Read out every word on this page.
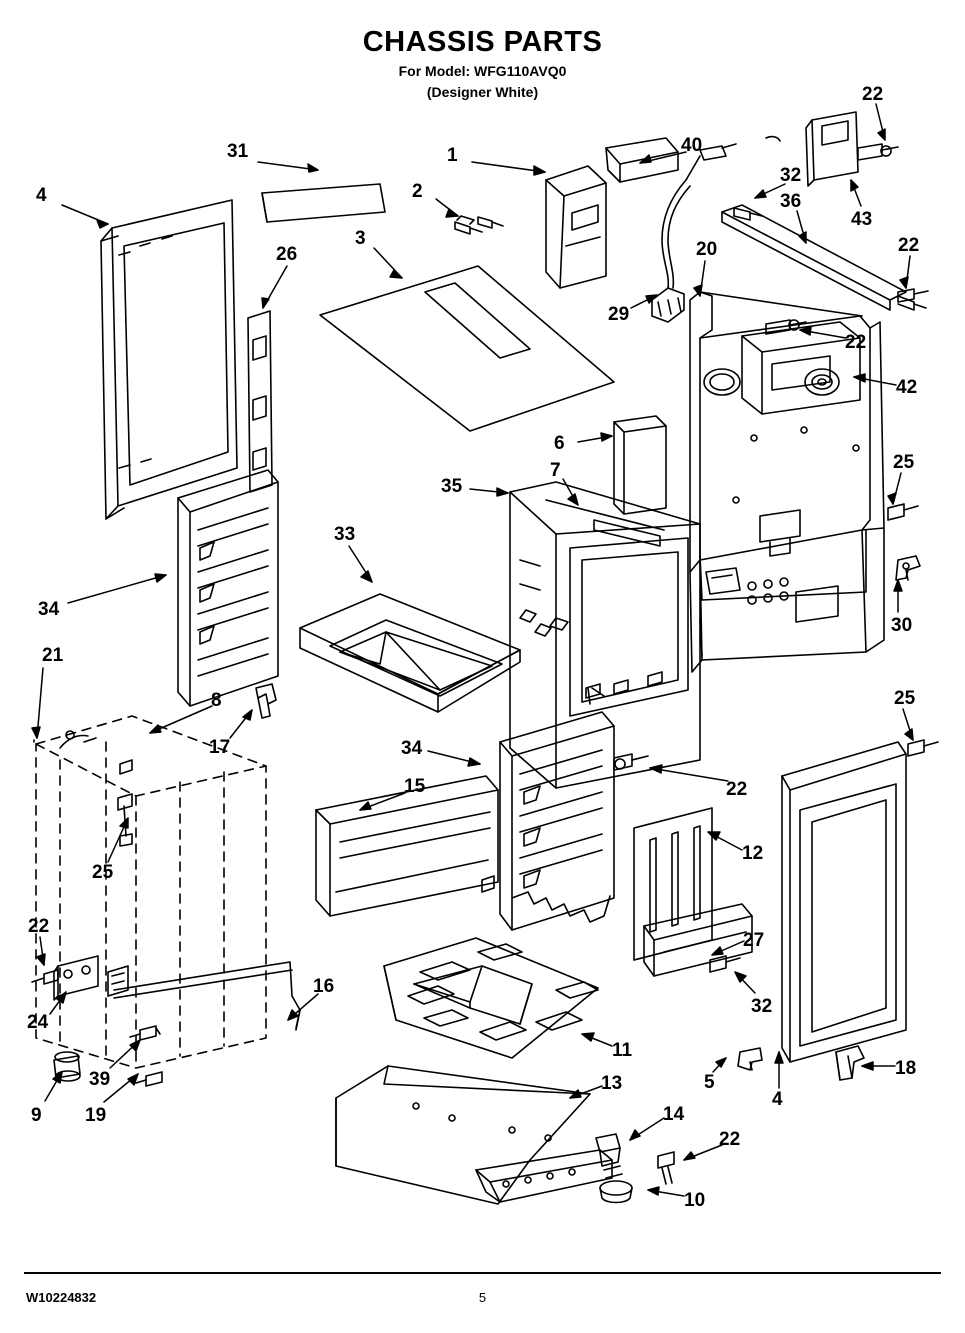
CHASSIS PARTS
For Model: WFG110AVQ0
(Designer White)
W10224832	5
40
22
31	1
4	2
32
36
43
26
3
20	22
29
22
42
6
7
35
25
33
34
30
21
8
17	34
25
15	22
25
12
22
27
16
32
24
39
11
5
4
18
9 19
13
14
22
10
